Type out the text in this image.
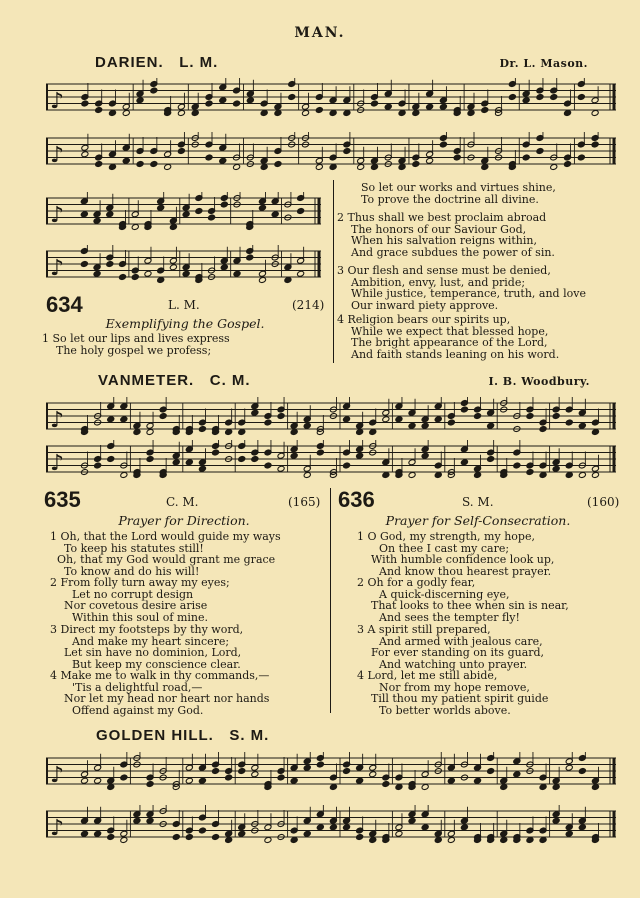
MAN.
DARIEN. L. M.	Dr. L. Mason.
♪
♪
♪
♪
634	L. M.	(214)
Exemplifying the Gospel.
1 So let our lips and lives express
The holy gospel we profess;
So let our works and virtues shine,
To prove the doctrine all divine.
2 Thus shall we best proclaim abroad
The honors of our Saviour God,
When his salvation reigns within,
And grace subdues the power of sin.
3 Our flesh and sense must be denied,
Ambition, envy, lust, and pride;
While justice, temperance, truth, and love
Our inward piety approve.
4 Religion bears our spirits up,
While we expect that blessed hope,
The bright appearance of the Lord,
And faith stands leaning on his word.
VANMETER. C. M.	I. B. Woodbury.
♪
♪
635	C. M.	(165)
Prayer for Direction.
1 Oh, that the Lord would guide my ways
To keep his statutes still!
Oh, that my God would grant me grace
To know and do his will!
2 From folly turn away my eyes;
Let no corrupt design
Nor covetous desire arise
Within this soul of mine.
3 Direct my footsteps by thy word,
And make my heart sincere;
Let sin have no dominion, Lord,
But keep my conscience clear.
4 Make me to walk in thy commands,—
'Tis a delightful road,—
Nor let my head nor heart nor hands
Offend against my God.
636	S. M.	(160)
Prayer for Self-Consecration.
1 O God, my strength, my hope,
On thee I cast my care;
With humble confidence look up,
And know thou hearest prayer.
2 Oh for a godly fear,
A quick-discerning eye,
That looks to thee when sin is near,
And sees the tempter fly!
3 A spirit still prepared,
And armed with jealous care,
For ever standing on its guard,
And watching unto prayer.
4 Lord, let me still abide,
Nor from my hope remove,
Till thou my patient spirit guide
To better worlds above.
GOLDEN HILL. S. M.
♪
♪
